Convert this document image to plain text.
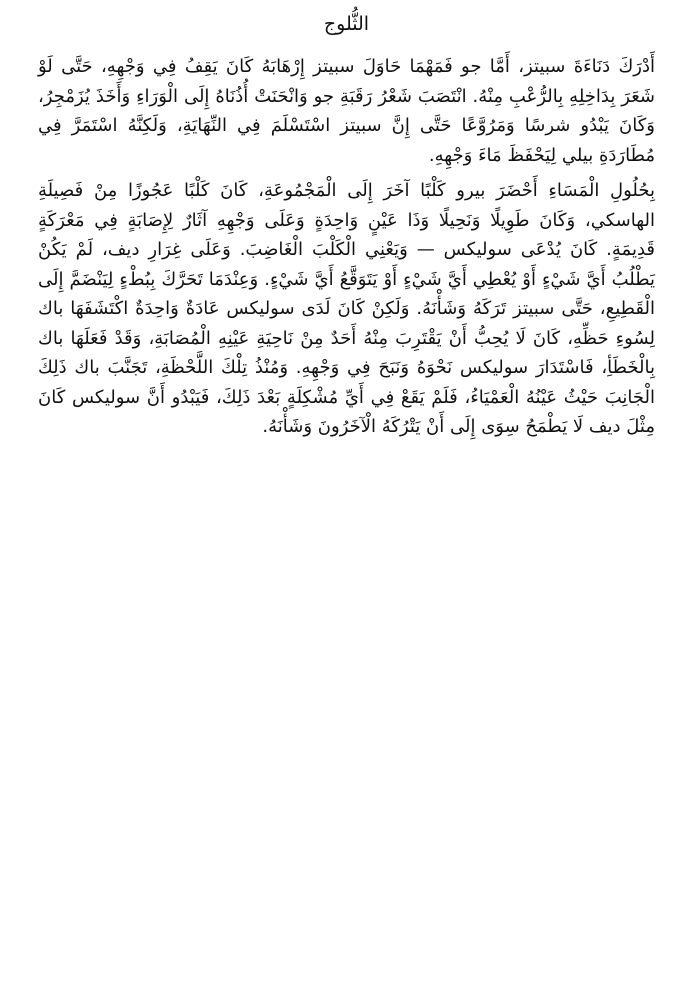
الثُّلوج

أَدْرَكَ دَنَاءَةَ سبيتز، أَمَّا جو فَمَهْمَا حَاوَلَ سبيتز إِرْهَابَهُ كَانَ يَقِفُ فِي وَجْهِهِ، حَتَّى لَوْ شَعَرَ بِدَاخِلِهِ بِالرُّعْبِ مِنْهُ. انْتَصَبَ شَعْرُ رَقَبَةِ جو وَانْحَنَتْ أُذُنَاهُ إِلَى الْوَرَاءِ وَأَخَذَ يُزَمْجِرُ، وَكَانَ يَبْدُو شرسًا وَمَرُوَّعًا حَتَّى إِنَّ سبيتز اسْتَسْلَمَ فِي النِّهَايَةِ، وَلَكِنَّهُ اسْتَمَرَّ فِي مُطَارَدَةِ بيلي لِيَحْفَظَ مَاءَ وَجْهِهِ.

بِحُلُولِ الْمَسَاءِ أَحْضَرَ بيرو كَلْبًا آخَرَ إِلَى الْمَجْمُوعَةِ، كَانَ كَلْبًا عَجُوزًا مِنْ فَصِيلَةِ الهاسكي، وَكَانَ طَوِيلًا وَنَحِيلًا وَذَا عَيْنٍ وَاحِدَةٍ وَعَلَى وَجْهِهِ آثَارٌ لِإِصَابَةٍ فِي مَعْرَكَةٍ قَدِيمَةٍ. كَانَ يُدْعَى سوليكس — وَيَعْنِي الْكَلْبَ الْغَاضِبَ. وَعَلَى غِرَارِ ديف، لَمْ يَكُنْ يَطْلُبُ أَيَّ شَيْءٍ أَوْ يُعْطِي أَيَّ شَيْءٍ أَوْ يَتَوَقَّعُ أَيَّ شَيْءٍ. وَعِنْدَمَا تَحَرَّكَ بِبُطْءٍ لِيَنْضَمَّ إِلَى الْقَطِيعِ، حَتَّى سبيتز تَرَكَهُ وَشَأْنَهُ. وَلَكِنْ كَانَ لَدَى سوليكس عَادَةٌ وَاحِدَةٌ اكْتَشَفَهَا باك لِسُوءِ حَظِّهِ، كَانَ لَا يُحِبُّ أَنْ يَقْتَرِبَ مِنْهُ أَحَدٌ مِنْ نَاحِيَةِ عَيْنِهِ الْمُصَابَةِ، وَقَدْ فَعَلَهَا باك بِالْخَطَأِ، فَاسْتَدَارَ سوليكس نَحْوَهُ وَنَبَحَ فِي وَجْهِهِ. وَمُنْذُ تِلْكَ اللَّحْظَةِ، تَجَنَّبَ باك ذَلِكَ الْجَانِبَ حَيْثُ عَيْنُهُ الْعَمْيَاءُ، فَلَمْ يَقَعْ فِي أَيِّ مُشْكِلَةٍ بَعْدَ ذَلِكَ، فَيَبْدُو أَنَّ سوليكس كَانَ مِثْلَ ديف لَا يَطْمَحُ سِوَى إِلَى أَنْ يَتْرُكَهُ الْآخَرُونَ وَشَأْنَهُ.
